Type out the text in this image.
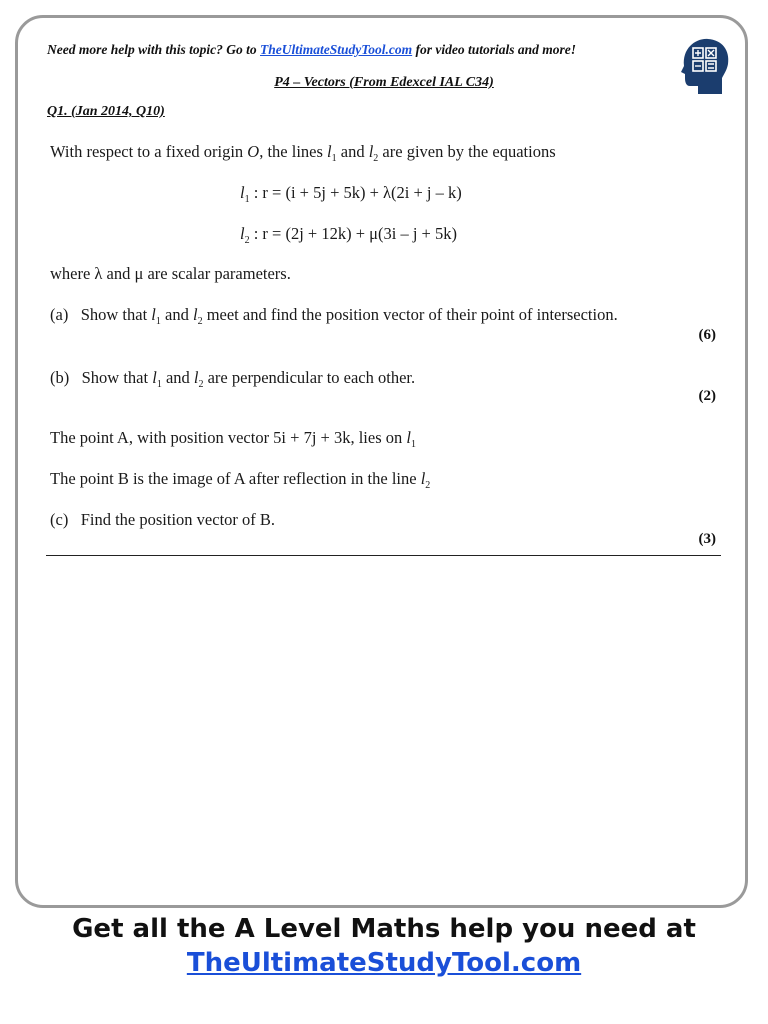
Need more help with this topic? Go to TheUltimateStudyTool.com for video tutorials and more!
P4 – Vectors (From Edexcel IAL C34)
Q1. (Jan 2014, Q10)
With respect to a fixed origin O, the lines $l_1$ and $l_2$ are given by the equations
$l_1$ : r = (i + 5j + 5k) + λ(2i + j – k)
$l_2$ : r = (2j + 12k) + μ(3i – j + 5k)
where λ and μ are scalar parameters.
(a) Show that $l_1$ and $l_2$ meet and find the position vector of their point of intersection.
(6)
(b) Show that $l_1$ and $l_2$ are perpendicular to each other.
(2)
The point A, with position vector 5i + 7j + 3k, lies on $l_1$
The point B is the image of A after reflection in the line $l_2$
(c) Find the position vector of B.
(3)
Get all the A Level Maths help you need at
TheUltimateStudyTool.com
